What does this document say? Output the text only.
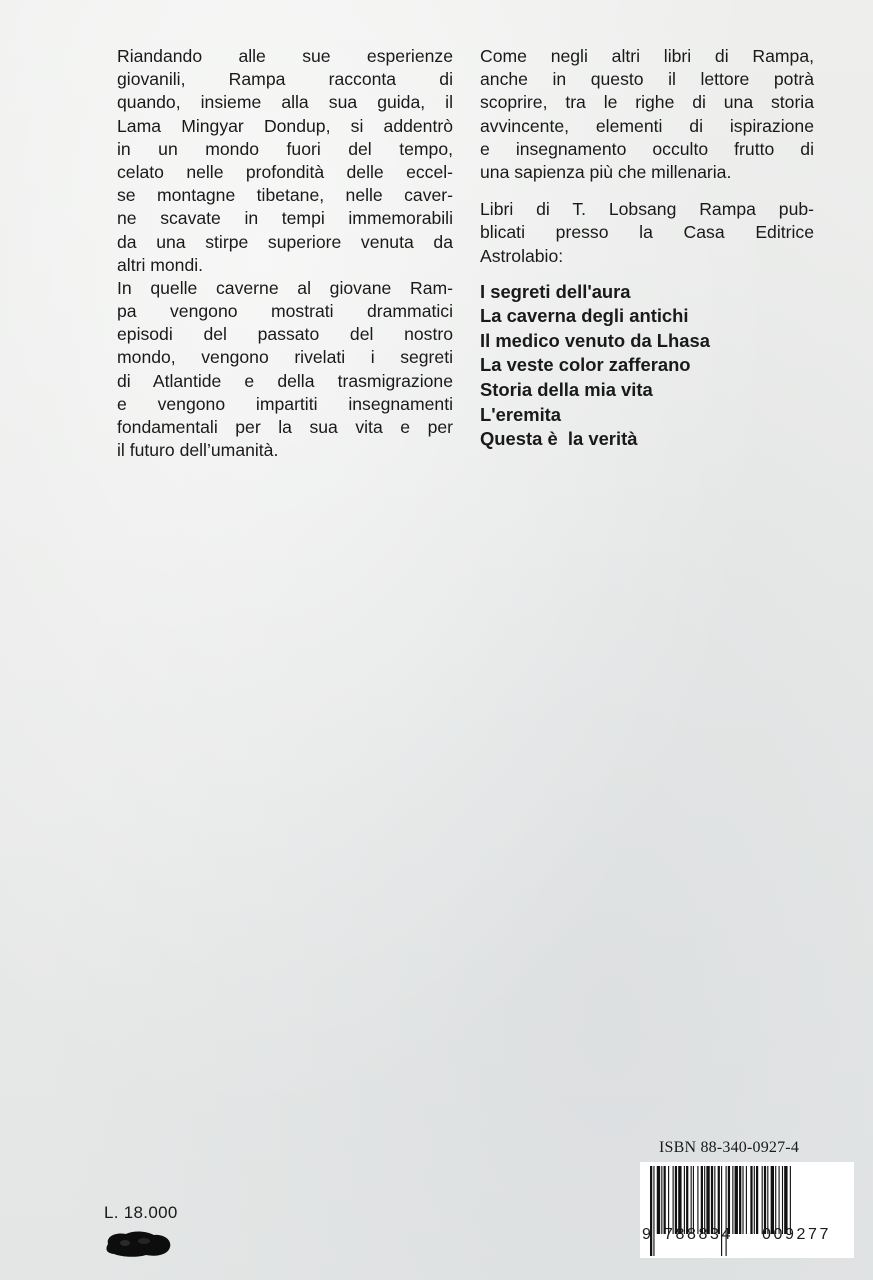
Riandando alle sue esperienze
giovanili, Rampa racconta di
quando, insieme alla sua guida, il
Lama Mingyar Dondup, si addentrò
in un mondo fuori del tempo,
celato nelle profondità delle eccel-
se montagne tibetane, nelle caver-
ne scavate in tempi immemorabili
da una stirpe superiore venuta da
altri mondi.
In quelle caverne al giovane Ram-
pa vengono mostrati drammatici
episodi del passato del nostro
mondo, vengono rivelati i segreti
di Atlantide e della trasmigrazione
e vengono impartiti insegnamenti
fondamentali per la sua vita e per
il futuro dell’umanità.
Come negli altri libri di Rampa,
anche in questo il lettore potrà
scoprire, tra le righe di una storia
avvincente, elementi di ispirazione
e insegnamento occulto frutto di
una sapienza più che millenaria.
Libri di T. Lobsang Rampa pub-
blicati presso la Casa Editrice
Astrolabio:
I segreti dell'aura
La caverna degli antichi
Il medico venuto da Lhasa
La veste color zafferano
Storia della mia vita
L'eremita
Questa è  la verità
L. 18.000
ISBN 88-340-0927-4
9 788834 009277
